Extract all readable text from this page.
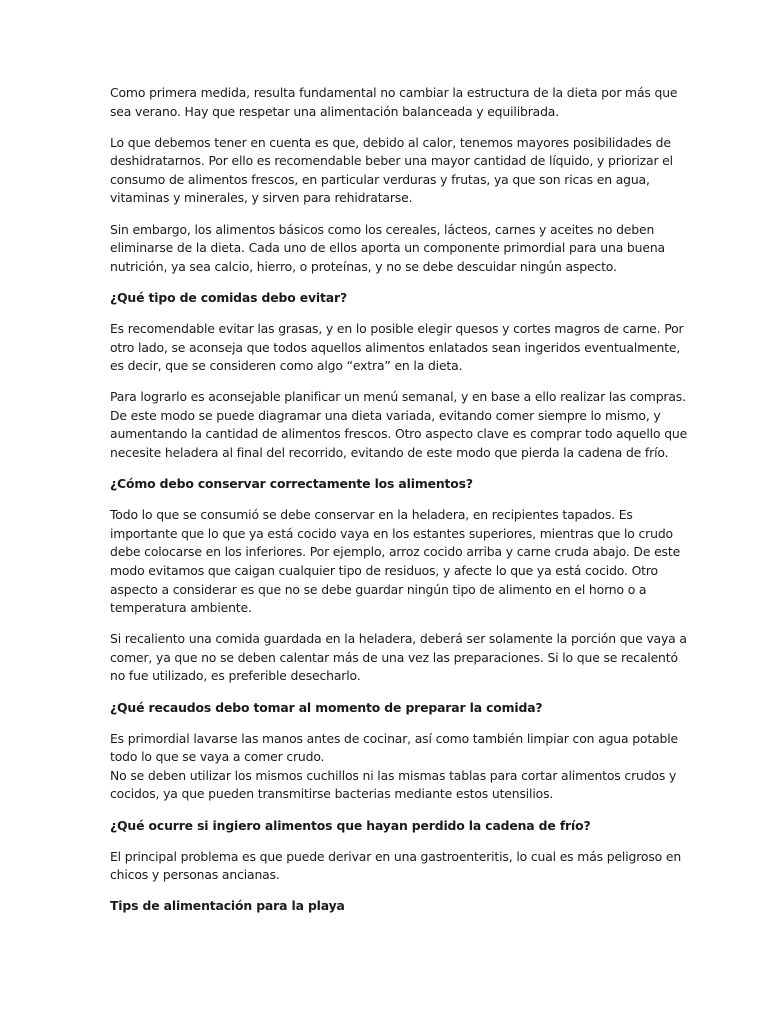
Como primera medida, resulta fundamental no cambiar la estructura de la dieta por más que
sea verano. Hay que respetar una alimentación balanceada y equilibrada.
Lo que debemos tener en cuenta es que, debido al calor, tenemos mayores posibilidades de
deshidratarnos. Por ello es recomendable beber una mayor cantidad de líquido, y priorizar el
consumo de alimentos frescos, en particular verduras y frutas, ya que son ricas en agua,
vitaminas y minerales, y sirven para rehidratarse.
Sin embargo, los alimentos básicos como los cereales, lácteos, carnes y aceites no deben
eliminarse de la dieta. Cada uno de ellos aporta un componente primordial para una buena
nutrición, ya sea calcio, hierro, o proteínas, y no se debe descuidar ningún aspecto.
¿Qué tipo de comidas debo evitar?
Es recomendable evitar las grasas, y en lo posible elegir quesos y cortes magros de carne. Por
otro lado, se aconseja que todos aquellos alimentos enlatados sean ingeridos eventualmente,
es decir, que se consideren como algo “extra” en la dieta.
Para lograrlo es aconsejable planificar un menú semanal, y en base a ello realizar las compras.
De este modo se puede diagramar una dieta variada, evitando comer siempre lo mismo, y
aumentando la cantidad de alimentos frescos. Otro aspecto clave es comprar todo aquello que
necesite heladera al final del recorrido, evitando de este modo que pierda la cadena de frío.
¿Cómo debo conservar correctamente los alimentos?
Todo lo que se consumió se debe conservar en la heladera, en recipientes tapados. Es
importante que lo que ya está cocido vaya en los estantes superiores, mientras que lo crudo
debe colocarse en los inferiores. Por ejemplo, arroz cocido arriba y carne cruda abajo. De este
modo evitamos que caigan cualquier tipo de residuos, y afecte lo que ya está cocido. Otro
aspecto a considerar es que no se debe guardar ningún tipo de alimento en el horno o a
temperatura ambiente.
Si recaliento una comida guardada en la heladera, deberá ser solamente la porción que vaya a
comer, ya que no se deben calentar más de una vez las preparaciones. Si lo que se recalentó
no fue utilizado, es preferible desecharlo.
¿Qué recaudos debo tomar al momento de preparar la comida?
Es primordial lavarse las manos antes de cocinar, así como también limpiar con agua potable
todo lo que se vaya a comer crudo.
No se deben utilizar los mismos cuchillos ni las mismas tablas para cortar alimentos crudos y
cocidos, ya que pueden transmitirse bacterias mediante estos utensilios.
¿Qué ocurre si ingiero alimentos que hayan perdido la cadena de frío?
El principal problema es que puede derivar en una gastroenteritis, lo cual es más peligroso en
chicos y personas ancianas.
Tips de alimentación para la playa
